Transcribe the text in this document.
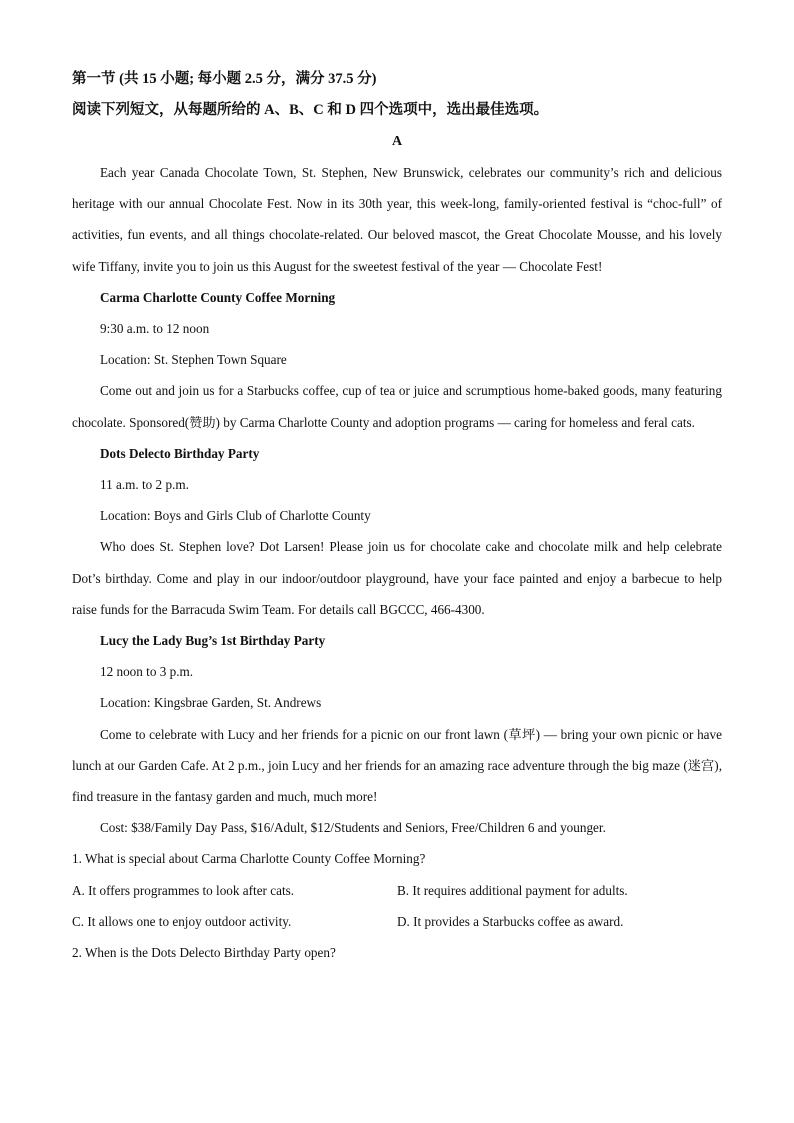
第一节 (共 15 小题; 每小题 2.5 分，满分 37.5 分)
阅读下列短文，从每题所给的 A、B、C 和 D 四个选项中，选出最佳选项。
A

Each year Canada Chocolate Town, St. Stephen, New Brunswick, celebrates our community’s rich and delicious heritage with our annual Chocolate Fest. Now in its 30th year, this week-long, family-oriented festival is “choc-full” of activities, fun events, and all things chocolate-related. Our beloved mascot, the Great Chocolate Mousse, and his lovely wife Tiffany, invite you to join us this August for the sweetest festival of the year — Chocolate Fest!

Carma Charlotte County Coffee Morning

9:30 a.m. to 12 noon

Location: St. Stephen Town Square

Come out and join us for a Starbucks coffee, cup of tea or juice and scrumptious home-baked goods, many featuring chocolate. Sponsored(赞助) by Carma Charlotte County and adoption programs — caring for homeless and feral cats.

Dots Delecto Birthday Party

11 a.m. to 2 p.m.

Location: Boys and Girls Club of Charlotte County

Who does St. Stephen love? Dot Larsen! Please join us for chocolate cake and chocolate milk and help celebrate Dot’s birthday. Come and play in our indoor/outdoor playground, have your face painted and enjoy a barbecue to help raise funds for the Barracuda Swim Team. For details call BGCCC, 466-4300.

Lucy the Lady Bug’s 1st Birthday Party

12 noon to 3 p.m.

Location: Kingsbrae Garden, St. Andrews

Come to celebrate with Lucy and her friends for a picnic on our front lawn (草坪) — bring your own picnic or have lunch at our Garden Cafe. At 2 p.m., join Lucy and her friends for an amazing race adventure through the big maze (迷宫), find treasure in the fantasy garden and much, much more!

Cost: $38/Family Day Pass, $16/Adult, $12/Students and Seniors, Free/Children 6 and younger.

1. What is special about Carma Charlotte County Coffee Morning?
A. It offers programmes to look after cats.	B. It requires additional payment for adults.
C. It allows one to enjoy outdoor activity.	D. It provides a Starbucks coffee as award.
2. When is the Dots Delecto Birthday Party open?
